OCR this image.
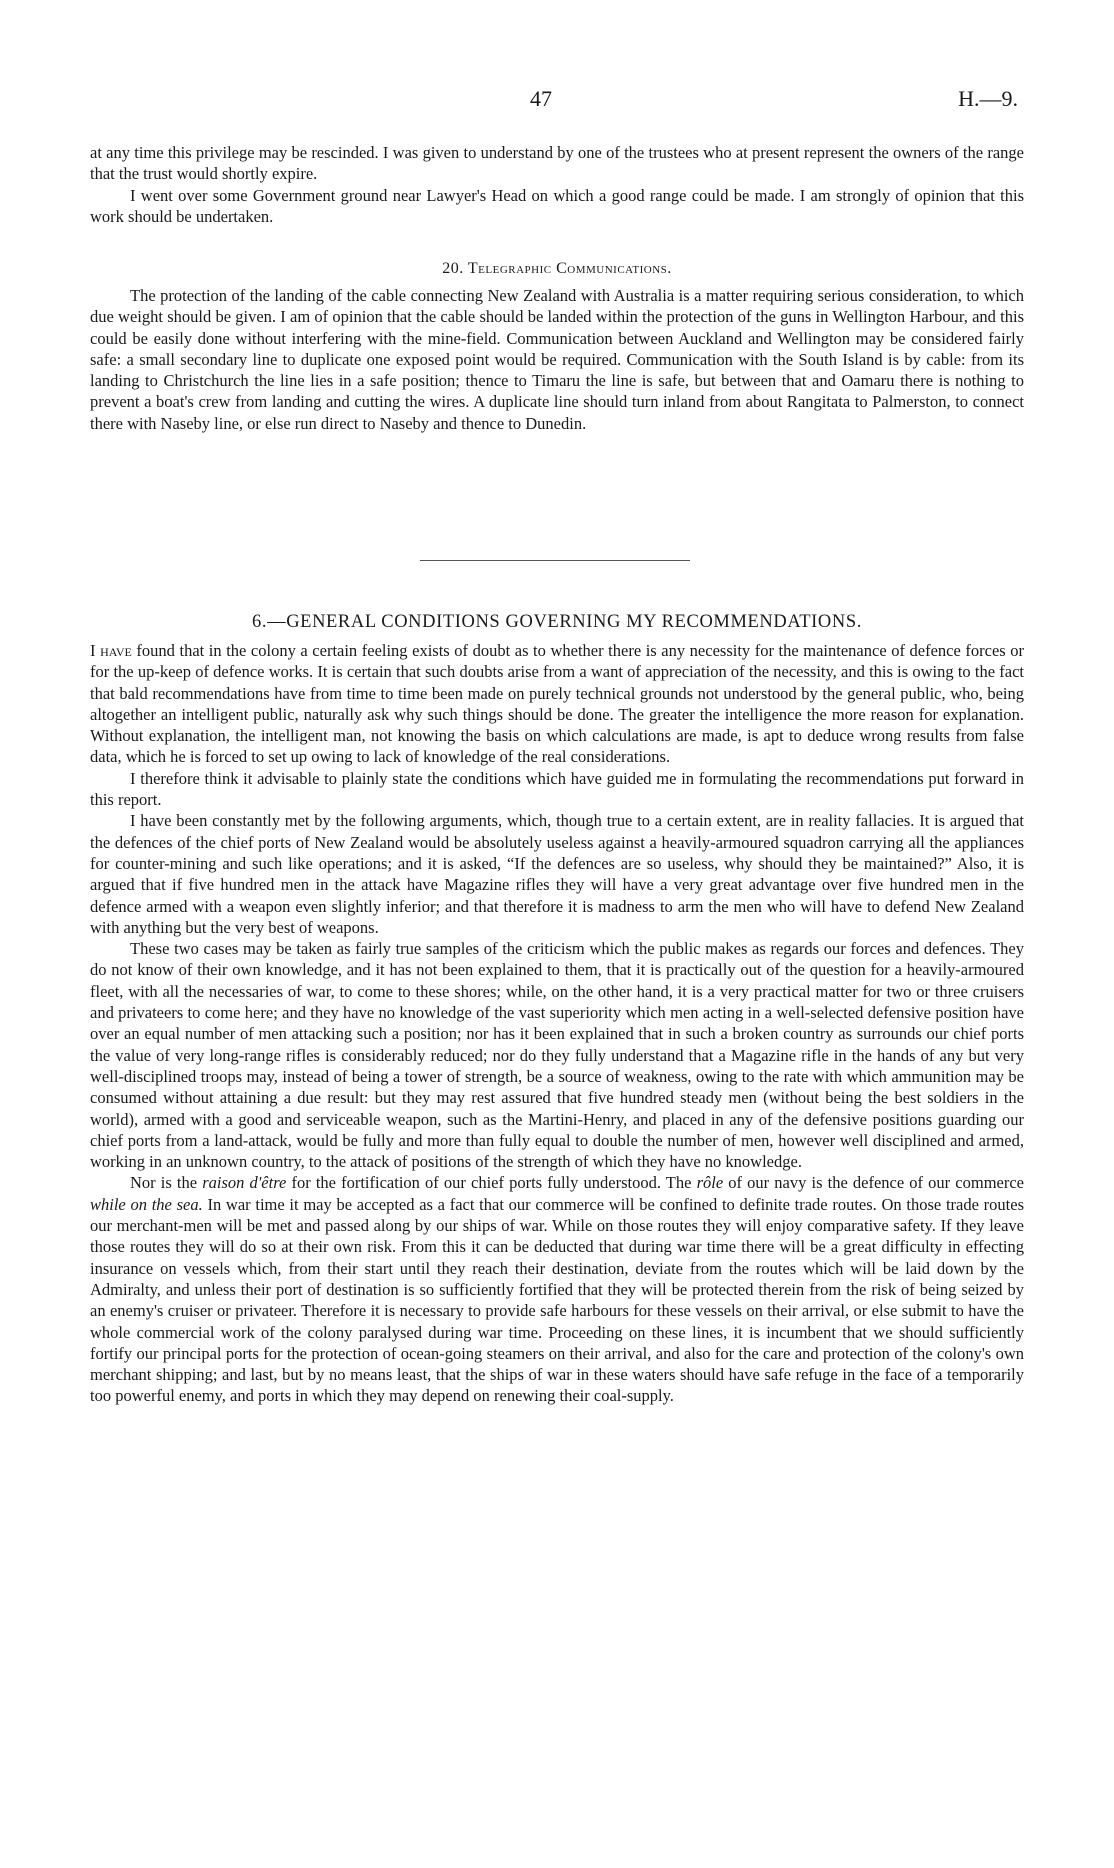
47	H.—9.

at any time this privilege may be rescinded. I was given to understand by one of the trustees who at present represent the owners of the range that the trust would shortly expire.

I went over some Government ground near Lawyer's Head on which a good range could be made. I am strongly of opinion that this work should be undertaken.

20. Telegraphic Communications.

The protection of the landing of the cable connecting New Zealand with Australia is a matter requiring serious consideration, to which due weight should be given. I am of opinion that the cable should be landed within the protection of the guns in Wellington Harbour, and this could be easily done without interfering with the mine-field. Communication between Auckland and Wellington may be considered fairly safe: a small secondary line to duplicate one exposed point would be required. Communication with the South Island is by cable: from its landing to Christchurch the line lies in a safe position; thence to Timaru the line is safe, but between that and Oamaru there is nothing to prevent a boat's crew from landing and cutting the wires. A duplicate line should turn inland from about Rangitata to Palmerston, to connect there with Naseby line, or else run direct to Naseby and thence to Dunedin.

6.—GENERAL CONDITIONS GOVERNING MY RECOMMENDATIONS.

I have found that in the colony a certain feeling exists of doubt as to whether there is any necessity for the maintenance of defence forces or for the up-keep of defence works. It is certain that such doubts arise from a want of appreciation of the necessity, and this is owing to the fact that bald recommendations have from time to time been made on purely technical grounds not understood by the general public, who, being altogether an intelligent public, naturally ask why such things should be done. The greater the intelligence the more reason for explanation. Without explanation, the intelligent man, not knowing the basis on which calculations are made, is apt to deduce wrong results from false data, which he is forced to set up owing to lack of knowledge of the real considerations.

I therefore think it advisable to plainly state the conditions which have guided me in formulating the recommendations put forward in this report.

I have been constantly met by the following arguments, which, though true to a certain extent, are in reality fallacies. It is argued that the defences of the chief ports of New Zealand would be absolutely useless against a heavily-armoured squadron carrying all the appliances for counter-mining and such like operations; and it is asked, “If the defences are so useless, why should they be maintained?” Also, it is argued that if five hundred men in the attack have Magazine rifles they will have a very great advantage over five hundred men in the defence armed with a weapon even slightly inferior; and that therefore it is madness to arm the men who will have to defend New Zealand with anything but the very best of weapons.

These two cases may be taken as fairly true samples of the criticism which the public makes as regards our forces and defences. They do not know of their own knowledge, and it has not been explained to them, that it is practically out of the question for a heavily-armoured fleet, with all the necessaries of war, to come to these shores; while, on the other hand, it is a very practical matter for two or three cruisers and privateers to come here; and they have no knowledge of the vast superiority which men acting in a well-selected defensive position have over an equal number of men attacking such a position; nor has it been explained that in such a broken country as surrounds our chief ports the value of very long-range rifles is considerably reduced; nor do they fully understand that a Magazine rifle in the hands of any but very well-disciplined troops may, instead of being a tower of strength, be a source of weakness, owing to the rate with which ammunition may be consumed without attaining a due result: but they may rest assured that five hundred steady men (without being the best soldiers in the world), armed with a good and serviceable weapon, such as the Martini-Henry, and placed in any of the defensive positions guarding our chief ports from a land-attack, would be fully and more than fully equal to double the number of men, however well disciplined and armed, working in an unknown country, to the attack of positions of the strength of which they have no knowledge.

Nor is the raison d'être for the fortification of our chief ports fully understood. The rôle of our navy is the defence of our commerce while on the sea. In war time it may be accepted as a fact that our commerce will be confined to definite trade routes. On those trade routes our merchant-men will be met and passed along by our ships of war. While on those routes they will enjoy comparative safety. If they leave those routes they will do so at their own risk. From this it can be deducted that during war time there will be a great difficulty in effecting insurance on vessels which, from their start until they reach their destination, deviate from the routes which will be laid down by the Admiralty, and unless their port of destination is so sufficiently fortified that they will be protected therein from the risk of being seized by an enemy's cruiser or privateer. Therefore it is necessary to provide safe harbours for these vessels on their arrival, or else submit to have the whole commercial work of the colony paralysed during war time. Proceeding on these lines, it is incumbent that we should sufficiently fortify our principal ports for the protection of ocean-going steamers on their arrival, and also for the care and protection of the colony's own merchant shipping; and last, but by no means least, that the ships of war in these waters should have safe refuge in the face of a temporarily too powerful enemy, and ports in which they may depend on renewing their coal-supply.
